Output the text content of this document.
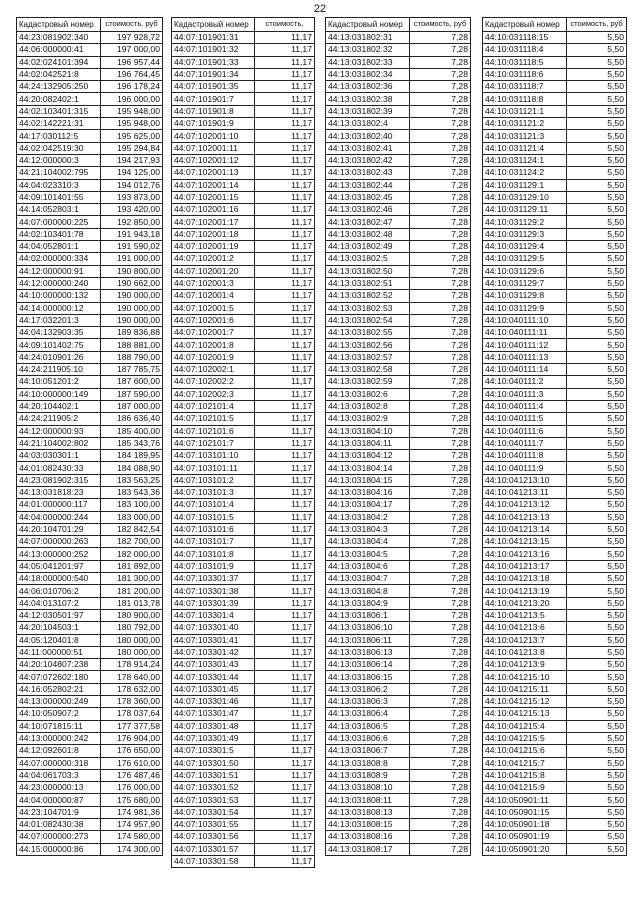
22
Кадастровый номер	стоимость, руб
44:23:081902:340	197 928,72
44:06:000000:41	197 000,00
44:02:024101:394	196 957,44
44:02:042521:8	196 764,45
44:24:132905:250	196 178,24
44:20:082402:1	196 000,00
44:02:103401:315	195 948,00
44:02:142221:31	195 948,00
44:17:030112:5	195 625,00
44:02:042519:30	195 294,84
44:12:000000:3	194 217,93
44:21:104002:795	194 125,00
44:04:023310:3	194 012,76
44:09:101401:55	193 873,00
44:14:052803:1	193 420,00
44:07:000000:225	192 850,00
44:02:103401:78	191 943,18
44:04:052801:1	191 590,02
44:02:000000:334	191 000,00
44:12:000000:91	190 800,00
44:12:000000:240	190 662,00
44:10:000000:132	190 000,00
44:14:000000:12	190 000,00
44:17:032201:3	190 000,00
44:04:132903:35	189 836,88
44:09:101402:75	188 881,00
44:24:010901:26	188 790,00
44:24:211905:10	187 785,75
44:10:051201:2	187 600,00
44:10:000000:149	187 590,00
44:20:104402:1	187 000,00
44:24:211905:2	186 636,40
44:12:000000:93	185 400,00
44:21:104002:802	185 343,76
44:03:030301:1	184 189,95
44:01:082430:33	184 088,90
44:23:081902:315	183 563,25
44:13:031818:23	183 543,36
44:01:000000:117	183 100,00
44:04:000000:244	183 000,00
44:20:104701:29	182 842,54
44:07:000000:263	182 700,00
44:13:000000:252	182 000,00
44:05:041201:97	181 892,00
44:18:000000:540	181 300,00
44:06:010706:2	181 200,00
44:04:013107:2	181 013,78
44:12:030501:97	180 900,00
44:20:104503:1	180 792,00
44:05:120401:8	180 000,00
44:11:000000:51	180 000,00
44:20:104807:238	178 914,24
44:07:072602:180	178 640,00
44:16:052802:21	178 632,00
44:13:000000:249	178 360,00
44:10:050907:2	178 037,64
44:10:071815:11	177 377,58
44:13:000000:242	176 904,00
44:12:092601:8	176 650,00
44:07:000000:318	176 610,00
44:04:061703:3	176 487,46
44:23:000000:13	176 000,00
44:04:000000:87	175 680,00
44:23:104701:9	174 981,36
44:01:082430:38	174 957,90
44:07:000000:273	174 580,00
44:15:000000:86	174 300,00
Кадастровый номер	стоимость,
44:07:101901:31	11,17
44:07:101901:32	11,17
44:07:101901:33	11,17
44:07:101901:34	11,17
44:07:101901:35	11,17
44:07:101901:7	11,17
44:07:101901:8	11,17
44:07:101901:9	11,17
44:07:102001:10	11,17
44:07:102001:11	11,17
44:07:102001:12	11,17
44:07:102001:13	11,17
44:07:102001:14	11,17
44:07:102001:15	11,17
44:07:102001:16	11,17
44:07:102001:17	11,17
44:07:102001:18	11,17
44:07:102001:19	11,17
44:07:102001:2	11,17
44:07:102001:20	11,17
44:07:102001:3	11,17
44:07:102001:4	11,17
44:07:102001:5	11,17
44:07:102001:6	11,17
44:07:102001:7	11,17
44:07:102001:8	11,17
44:07:102001:9	11,17
44:07:102002:1	11,17
44:07:102002:2	11,17
44:07:102002:3	11,17
44:07:102101:4	11,17
44:07:102101:5	11,17
44:07:102101:6	11,17
44:07:102101:7	11,17
44:07:103101:10	11,17
44:07:103101:11	11,17
44:07:103101:2	11,17
44:07:103101:3	11,17
44:07:103101:4	11,17
44:07:103101:5	11,17
44:07:103101:6	11,17
44:07:103101:7	11,17
44:07:103101:8	11,17
44:07:103101:9	11,17
44:07:103301:37	11,17
44:07:103301:38	11,17
44:07:103301:39	11,17
44:07:103301:4	11,17
44:07:103301:40	11,17
44:07:103301:41	11,17
44:07:103301:42	11,17
44:07:103301:43	11,17
44:07:103301:44	11,17
44:07:103301:45	11,17
44:07:103301:46	11,17
44:07:103301:47	11,17
44:07:103301:48	11,17
44:07:103301:49	11,17
44:07:103301:5	11,17
44:07:103301:50	11,17
44:07:103301:51	11,17
44:07:103301:52	11,17
44:07:103301:53	11,17
44:07:103301:54	11,17
44:07:103301:55	11,17
44:07:103301:56	11,17
44:07:103301:57	11,17
44:07:103301:58	11,17
Кадастровый номер	стоимость, руб
44:13:031802:31	7,28
44:13:031802:32	7,28
44:13:031802:33	7,28
44:13:031802:34	7,28
44:13:031802:36	7,28
44:13:031802:38	7,28
44:13:031802:39	7,28
44:13:031802:4	7,28
44:13:031802:40	7,28
44:13:031802:41	7,28
44:13:031802:42	7,28
44:13:031802:43	7,28
44:13:031802:44	7,28
44:13:031802:45	7,28
44:13:031802:46	7,28
44:13:031802:47	7,28
44:13:031802:48	7,28
44:13:031802:49	7,28
44:13:031802:5	7,28
44:13:031802:50	7,28
44:13:031802:51	7,28
44:13:031802:52	7,28
44:13:031802:53	7,28
44:13:031802:54	7,28
44:13:031802:55	7,28
44:13:031802:56	7,28
44:13:031802:57	7,28
44:13:031802:58	7,28
44:13:031802:59	7,28
44:13:031802:6	7,28
44:13:031802:8	7,28
44:13:031802:9	7,28
44:13:031804:10	7,28
44:13:031804:11	7,28
44:13:031804:12	7,28
44:13:031804:14	7,28
44:13:031804:15	7,28
44:13:031804:16	7,28
44:13:031804:17	7,28
44:13:031804:2	7,28
44:13:031804:3	7,28
44:13:031804:4	7,28
44:13:031804:5	7,28
44:13:031804:6	7,28
44:13:031804:7	7,28
44:13:031804:8	7,28
44:13:031804:9	7,28
44:13:031806:1	7,28
44:13:031806:10	7,28
44:13:031806:11	7,28
44:13:031806:13	7,28
44:13:031806:14	7,28
44:13:031806:15	7,28
44:13:031806:2	7,28
44:13:031806:3	7,28
44:13:031806:4	7,28
44:13:031806:5	7,28
44:13:031806:6	7,28
44:13:031806:7	7,28
44:13:031808:8	7,28
44:13:031808:9	7,28
44:13:031808:10	7,28
44:13:031808:11	7,28
44:13:031808:13	7,28
44:13:031808:15	7,28
44:13:031808:16	7,28
44:13:031808:17	7,28
Кадастровый номер	стоимость, руб
44:10:031118:15	5,50
44:10:031118:4	5,50
44:10:031118:5	5,50
44:10:031118:6	5,50
44:10:031118:7	5,50
44:10:031118:8	5,50
44:10:031121:1	5,50
44:10:031121:2	5,50
44:10:031121:3	5,50
44:10:031121:4	5,50
44:10:031124:1	5,50
44:10:031124:2	5,50
44:10:031129:1	5,50
44:10:031129:10	5,50
44:10:031129:11	5,50
44:10:031129:2	5,50
44:10:031129:3	5,50
44:10:031129:4	5,50
44:10:031129:5	5,50
44:10:031129:6	5,50
44:10:031129:7	5,50
44:10:031129:8	5,50
44:10:031129:9	5,50
44:10:040111:10	5,50
44:10:040111:11	5,50
44:10:040111:12	5,50
44:10:040111:13	5,50
44:10:040111:14	5,50
44:10:040111:2	5,50
44:10:040111:3	5,50
44:10:040111:4	5,50
44:10:040111:5	5,50
44:10:040111:6	5,50
44:10:040111:7	5,50
44:10:040111:8	5,50
44:10:040111:9	5,50
44:10:041213:10	5,50
44:10:041213:11	5,50
44:10:041213:12	5,50
44:10:041213:13	5,50
44:10:041213:14	5,50
44:10:041213:15	5,50
44:10:041213:16	5,50
44:10:041213:17	5,50
44:10:041213:18	5,50
44:10:041213:19	5,50
44:10:041213:20	5,50
44:10:041213:5	5,50
44:10:041213:6	5,50
44:10:041213:7	5,50
44:10:041213:8	5,50
44:10:041213:9	5,50
44:10:041215:10	5,50
44:10:041215:11	5,50
44:10:041215:12	5,50
44:10:041215:13	5,50
44:10:041215:4	5,50
44:10:041215:5	5,50
44:10:041215:6	5,50
44:10:041215:7	5,50
44:10:041215:8	5,50
44:10:041215:9	5,50
44:10:050901:11	5,50
44:10:050901:15	5,50
44:10:050901:18	5,50
44:10:050901:19	5,50
44:10:050901:20	5,50
